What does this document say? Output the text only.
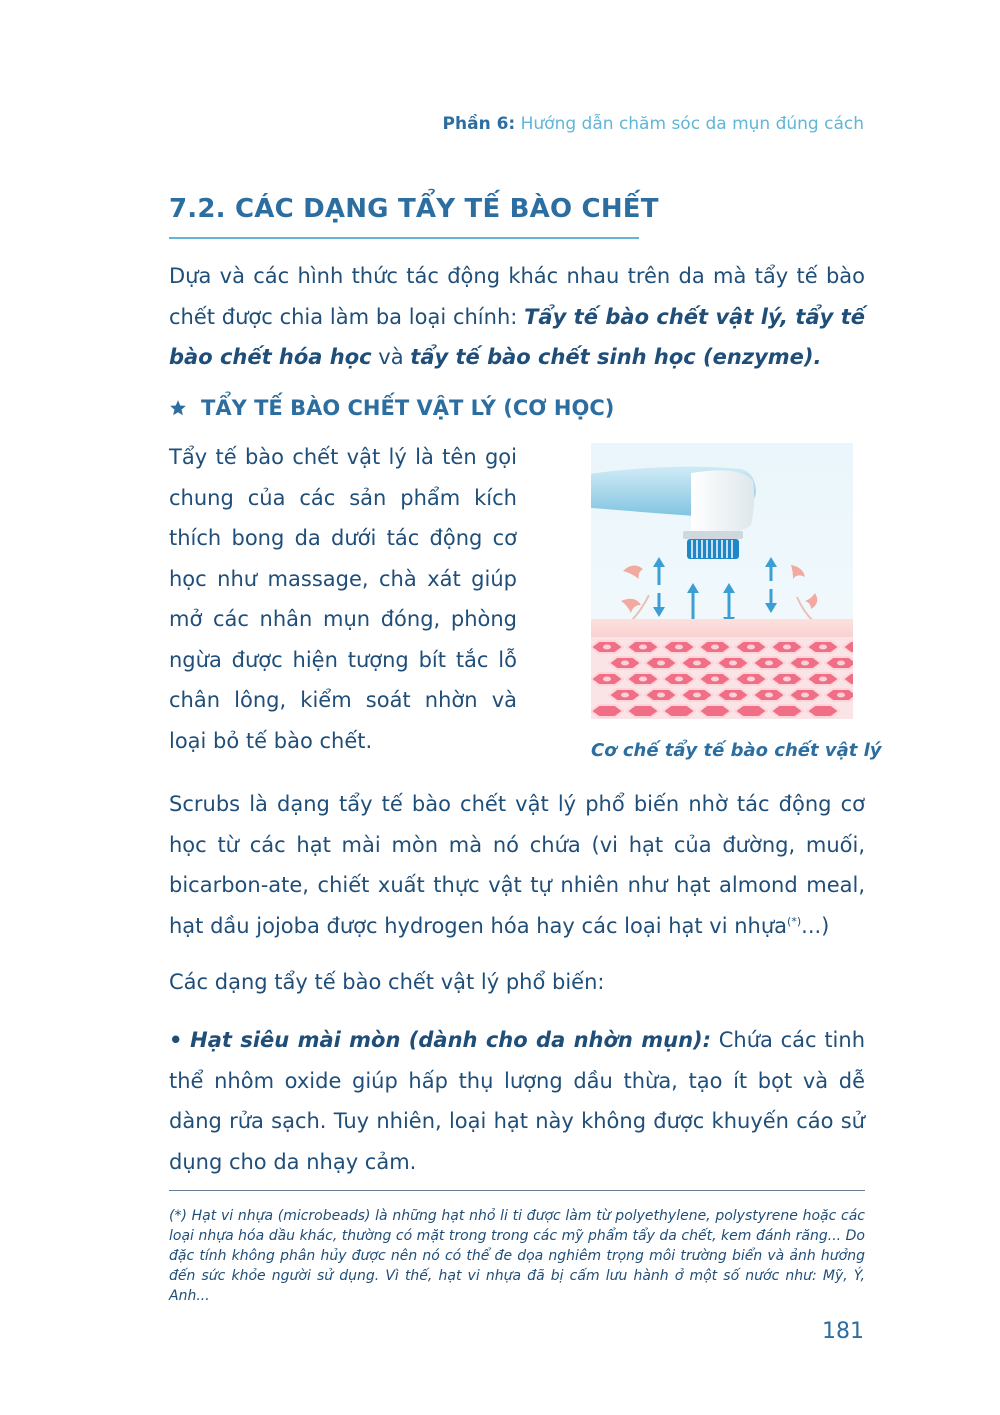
Phần 6: Hướng dẫn chăm sóc da mụn đúng cách
7.2. CÁC DẠNG TẨY TẾ BÀO CHẾT

Dựa và các hình thức tác động khác nhau trên da mà tẩy tế bào chết được chia làm ba loại chính: Tẩy tế bào chết vật lý, tẩy tế bào chết hóa học và tẩy tế bào chết sinh học (enzyme).

TẨY TẾ BÀO CHẾT VẬT LÝ (CƠ HỌC)

Tẩy tế bào chết vật lý là tên gọi chung của các sản phẩm kích thích bong da dưới tác động cơ học như massage, chà xát giúp mở các nhân mụn đóng, phòng ngừa được hiện tượng bít tắc lỗ chân lông, kiểm soát nhờn và loại bỏ tế bào chết.	Cơ chế tẩy tế bào chết vật lý

Scrubs là dạng tẩy tế bào chết vật lý phổ biến nhờ tác động cơ học từ các hạt mài mòn mà nó chứa (vi hạt của đường, muối, bicarbon-ate, chiết xuất thực vật tự nhiên như hạt almond meal, hạt dầu jojoba được hydrogen hóa hay các loại hạt vi nhựa(*)...)

Các dạng tẩy tế bào chết vật lý phổ biến:

• Hạt siêu mài mòn (dành cho da nhờn mụn): Chứa các tinh thể nhôm oxide giúp hấp thụ lượng dầu thừa, tạo ít bọt và dễ dàng rửa sạch. Tuy nhiên, loại hạt này không được khuyến cáo sử dụng cho da nhạy cảm.

(*) Hạt vi nhựa (microbeads) là những hạt nhỏ li ti được làm từ polyethylene, polystyrene hoặc các loại nhựa hóa dầu khác, thường có mặt trong trong các mỹ phẩm tẩy da chết, kem đánh răng... Do đặc tính không phân hủy được nên nó có thể đe dọa nghiêm trọng môi trường biển và ảnh hưởng đến sức khỏe người sử dụng. Vì thế, hạt vi nhựa đã bị cấm lưu hành ở một số nước như: Mỹ, Ý, Anh...

181
